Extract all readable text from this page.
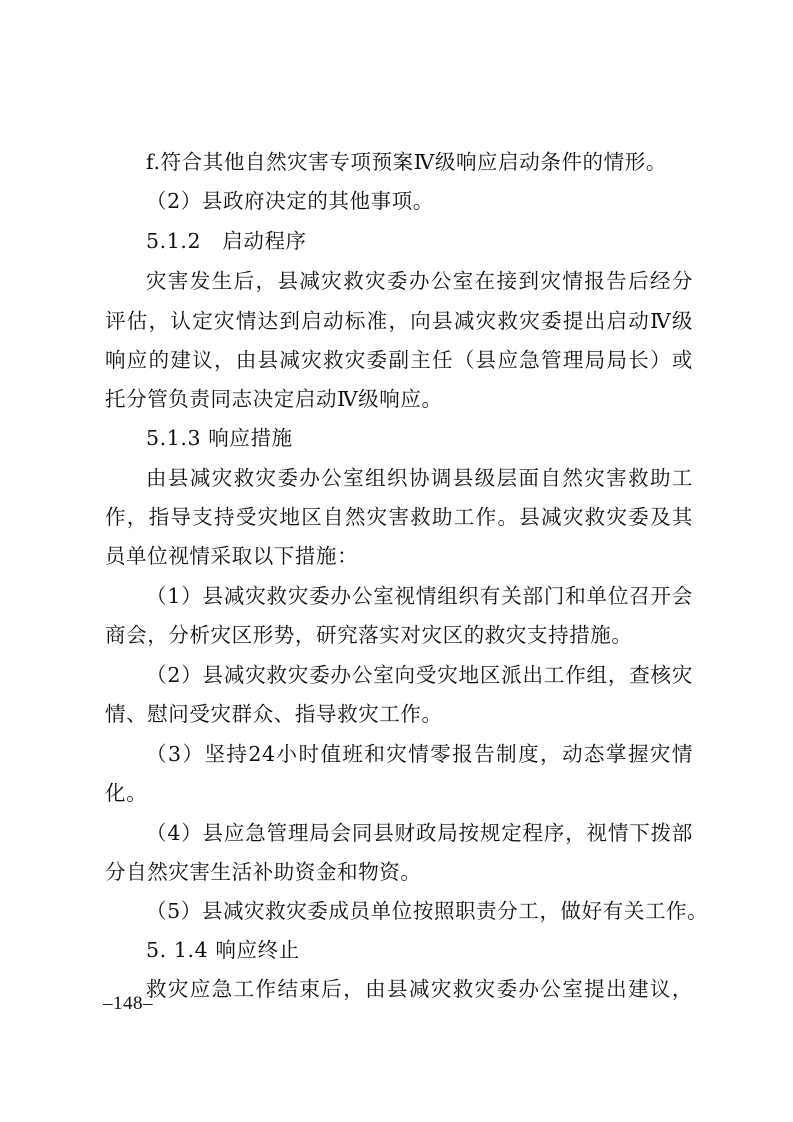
f.符合其他自然灾害专项预案Ⅳ级响应启动条件的情形。
（2）县政府决定的其他事项。
5.1.2　启动程序
灾害发生后，县减灾救灾委办公室在接到灾情报告后经分
评估，认定灾情达到启动标准，向县减灾救灾委提出启动Ⅳ级
响应的建议，由县减灾救灾委副主任（县应急管理局局长）或
托分管负责同志决定启动Ⅳ级响应。
5.1.3 响应措施
由县减灾救灾委办公室组织协调县级层面自然灾害救助工
作，指导支持受灾地区自然灾害救助工作。县减灾救灾委及其
员单位视情采取以下措施：
（1）县减灾救灾委办公室视情组织有关部门和单位召开会
商会，分析灾区形势，研究落实对灾区的救灾支持措施。
（2）县减灾救灾委办公室向受灾地区派出工作组，查核灾
情、慰问受灾群众、指导救灾工作。
（3）坚持24小时值班和灾情零报告制度，动态掌握灾情
化。
（4）县应急管理局会同县财政局按规定程序，视情下拨部
分自然灾害生活补助资金和物资。
（5）县减灾救灾委成员单位按照职责分工，做好有关工作。
5. 1.4 响应终止
救灾应急工作结束后，由县减灾救灾委办公室提出建议，
–148–
